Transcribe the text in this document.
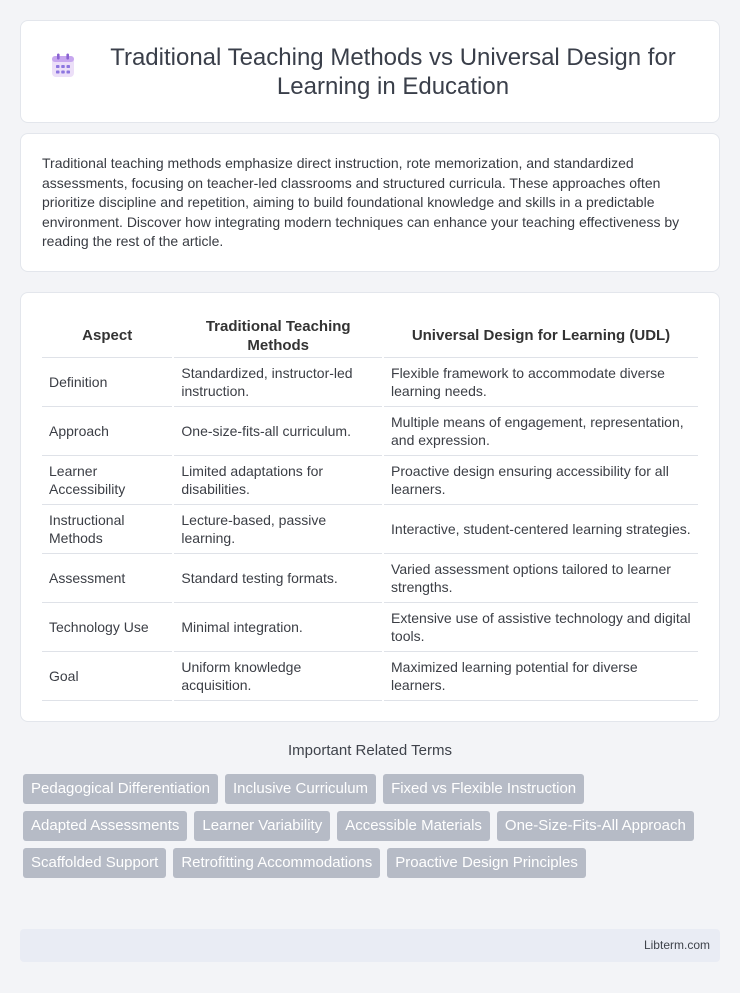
Traditional Teaching Methods vs Universal Design for Learning in Education

Traditional teaching methods emphasize direct instruction, rote memorization, and standardized assessments, focusing on teacher-led classrooms and structured curricula. These approaches often prioritize discipline and repetition, aiming to build foundational knowledge and skills in a predictable environment. Discover how integrating modern techniques can enhance your teaching effectiveness by reading the rest of the article.

Aspect		Traditional Teaching Methods		Universal Design for Learning (UDL)
Definition		Standardized, instructor-led instruction.		Flexible framework to accommodate diverse learning needs.
Approach		One-size-fits-all curriculum.		Multiple means of engagement, representation, and expression.
Learner Accessibility		Limited adaptations for disabilities.		Proactive design ensuring accessibility for all learners.
Instructional Methods		Lecture-based, passive learning.		Interactive, student-centered learning strategies.
Assessment		Standard testing formats.		Varied assessment options tailored to learner strengths.
Technology Use		Minimal integration.		Extensive use of assistive technology and digital tools.
Goal		Uniform knowledge acquisition.		Maximized learning potential for diverse learners.
Important Related Terms
Pedagogical Differentiation	Inclusive Curriculum	Fixed vs Flexible Instruction
Adapted Assessments	Learner Variability	Accessible Materials	One-Size-Fits-All Approach
Scaffolded Support	Retrofitting Accommodations	Proactive Design Principles
Libterm.com
